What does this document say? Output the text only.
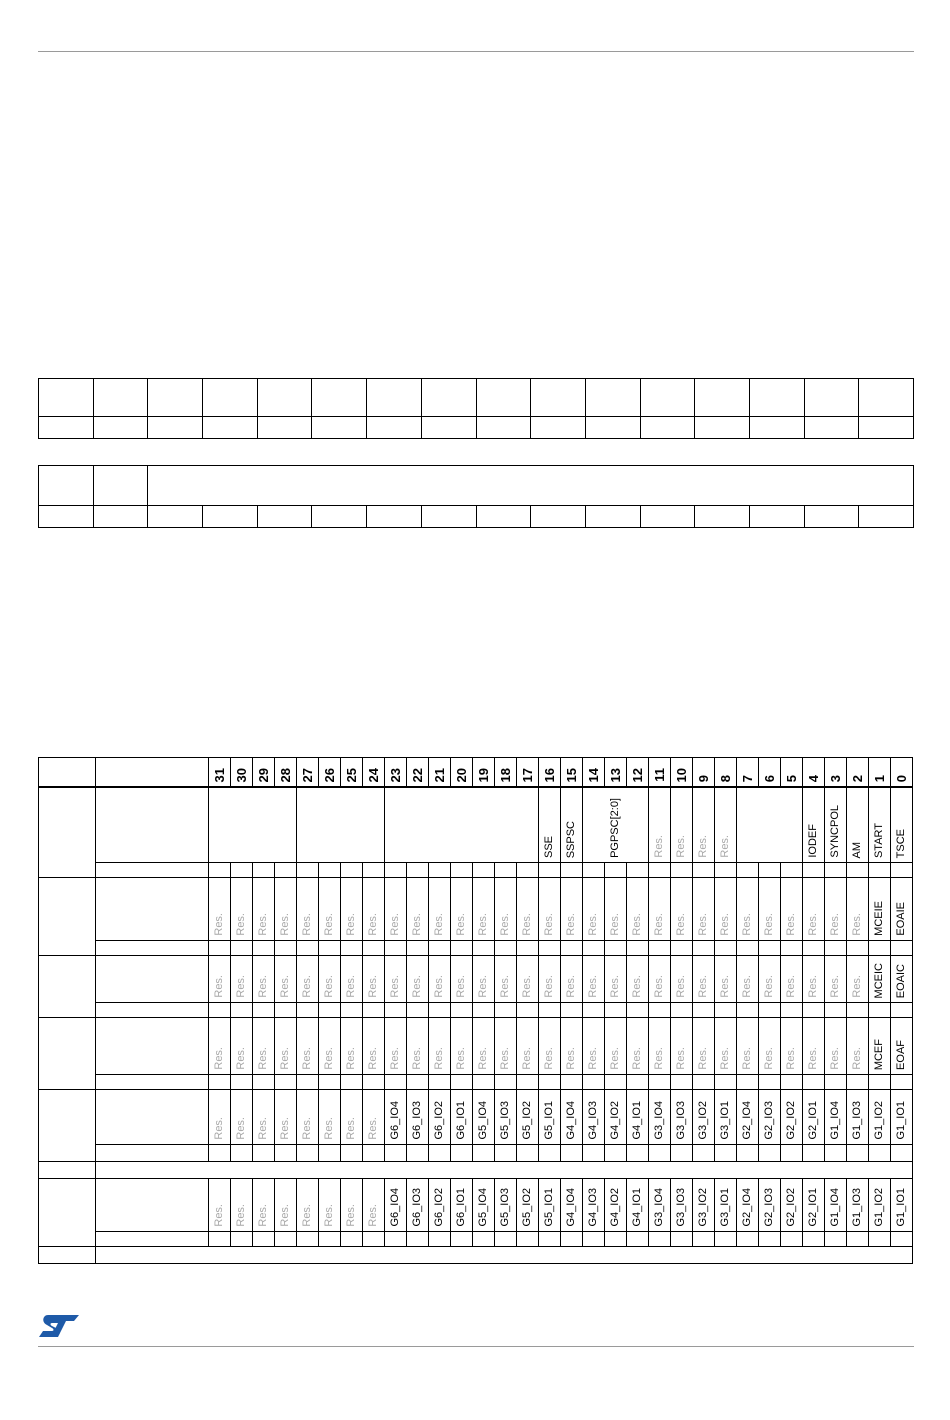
		31	30	29	28	27	26	25	24	23	22	21	20	19	18	17	16	15	14	13	12	11	10	9	8	7	6	5	4	3	2	1	0

																	SSE	SSPSC	PGPSC[2:0]			Res.	Res.	Res.	Res.				IODEF	SYNCPOL	AM	START	TSCE

		Res.	Res.	Res.	Res.	Res.	Res.	Res.	Res.	Res.	Res.	Res.	Res.	Res.	Res.	Res.	Res.	Res.	Res.	Res.	Res.	Res.	Res.	Res.	Res.	Res.	Res.	Res.	Res.	Res.	Res.	MCEIE	EOAIE

		Res.	Res.	Res.	Res.	Res.	Res.	Res.	Res.	Res.	Res.	Res.	Res.	Res.	Res.	Res.	Res.	Res.	Res.	Res.	Res.	Res.	Res.	Res.	Res.	Res.	Res.	Res.	Res.	Res.	Res.	MCEIC	EOAIC

		Res.	Res.	Res.	Res.	Res.	Res.	Res.	Res.	Res.	Res.	Res.	Res.	Res.	Res.	Res.	Res.	Res.	Res.	Res.	Res.	Res.	Res.	Res.	Res.	Res.	Res.	Res.	Res.	Res.	Res.	MCEF	EOAF

		Res.	Res.	Res.	Res.	Res.	Res.	Res.	Res.	G6_IO4	G6_IO3	G6_IO2	G6_IO1	G5_IO4	G5_IO3	G5_IO2	G5_IO1	G4_IO4	G4_IO3	G4_IO2	G4_IO1	G3_IO4	G3_IO3	G3_IO2	G3_IO1	G2_IO4	G2_IO3	G2_IO2	G2_IO1	G1_IO4	G1_IO3	G1_IO2	G1_IO1

		Res.	Res.	Res.	Res.	Res.	Res.	Res.	Res.	G6_IO4	G6_IO3	G6_IO2	G6_IO1	G5_IO4	G5_IO3	G5_IO2	G5_IO1	G4_IO4	G4_IO3	G4_IO2	G4_IO1	G3_IO4	G3_IO3	G3_IO2	G3_IO1	G2_IO4	G2_IO3	G2_IO2	G2_IO1	G1_IO4	G1_IO3	G1_IO2	G1_IO1
